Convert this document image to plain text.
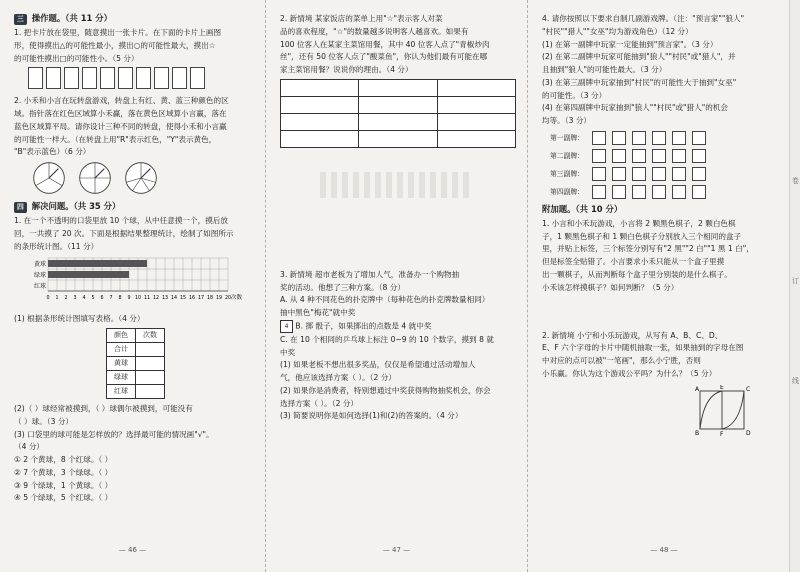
三 操作题。（共 11 分）
1. 把卡片放在袋里，随意摸出一张卡片。在下面的卡片上画图
形，使得摸出△的可能性最小，摸出○的可能性最大，摸出☆
的可能性摸出□的可能性小。（5 分）
2. 小禾和小言在玩转盘游戏，转盘上有红、黄、蓝三种颜色的区
域。指针落在红色区域算小禾赢，落在黄色区域算小言赢，落在
蓝色区域算平局。请你设计三种不同的转盘，使得小禾和小言赢
的可能性一样大。（在转盘上用"R"表示红色，"Y"表示黄色，
"B"表示蓝色）（6 分）
四 解决问题。（共 35 分）
1. 在一个不透明的口袋里放 10 个球，从中任意摸一个，摸后放
回，一共摸了 20 次。下面是根据结果整理统计，绘制了如图所示
的条形统计图。（11 分）
黄球
绿球
红球
0 1 2 3 4 5 6 7 8 9 10 11 12 13 14 15 16 17 18 19 20 次数
(1) 根据条形统计图填写表格。（4 分）
颜色	次数
合计	
黄球	
绿球	
红球	
(2)（ ）球经常被摸到，（ ）球偶尔被摸到，可能没有
（ ）球。（3 分）
(3) 口袋里的球可能是怎样放的？选择最可能的情况画"√"。
（4 分）
① 2 个黄球，8 个红球。（ ）
② 7 个黄球，3 个绿球。（ ）
③ 9 个绿球，1 个黄球。（ ）
④ 5 个绿球，5 个红球。（ ）
— 46 —
2. 新情境 某家饭店的菜单上用"☆"表示客人对菜
品的喜欢程度，"☆"的数量越多说明客人越喜欢。如果有
100 位客人在某家主菜馆用餐，其中 40 位客人点了"青椒炒肉
丝"，还有 50 位客人点了"酸菜鱼"，你认为他们最有可能在哪
家主菜馆用餐？说说你的理由。（4 分）

3. 新情境 超市老板为了增加人气，准备办一个购物抽
奖的活动。他想了三种方案。（8 分）
A. 从 4 种不同花色的扑克牌中（每种花色的扑克牌数量相同）
抽中黑色"梅花"就中奖
4 B. 掷 骰子，如果掷出的点数是 4 就中奖
C. 在 10 个相同的乒乓球上标注 0~9 的 10 个数字，摸到 8 就
中奖
(1) 如果老板不想出很多奖品，仅仅是希望通过活动增加人
气，他应该选择方案（ ）。（2 分）
(2) 如果你是消费者，特别想通过中奖获得购物抽奖机会，你会
选择方案（ ）。（2 分）
(3) 简要说明你是如何选择(1)和(2)的答案的。（4 分）
— 47 —
4. 请你按照以下要求自制几副游戏牌。（注："预言家""狼人"
"村民""猎人""女巫"均为游戏角色）（12 分）
(1) 在第一副牌中玩家一定能抽到"预言家"。（3 分）
(2) 在第二副牌中玩家可能抽到"狼人""村民"或"猎人"，并
且抽到"狼人"的可能性最大。（3 分）
(3) 在第三副牌中玩家抽到"村民"的可能性大于抽到"女巫"
的可能性。（3 分）
(4) 在第四副牌中玩家抽到"狼人""村民"或"猎人"的机会
均等。（3 分）
第一副牌：
第二副牌：
第三副牌：
第四副牌：
附加题。（共 10 分）
1. 小言和小禾玩游戏，小言将 2 颗黑色棋子，2 颗白色棋
子，1 颗黑色棋子和 1 颗白色棋子分别放入三个相同的盒子
里，并贴上标签，三个标签分别写有"2 黑""2 白""1 黑 1 白"，
但是标签全贴错了。小言要求小禾只能从一个盒子里摸
出一颗棋子，从而判断每个盒子里分别装的是什么棋子。
小禾该怎样摸棋子？如何判断？（5 分）
2. 新情境 小宁和小乐玩游戏，从写有 A、B、C、D、
E、F 六个字母的卡片中随机抽取一张，如果抽到的字母在图
中对应的点可以被"一笔画"，那么小宁胜，否则
小乐赢。你认为这个游戏公平吗？为什么？（5 分）
A	E	C
B	F	D
— 48 —
卷
订
线
